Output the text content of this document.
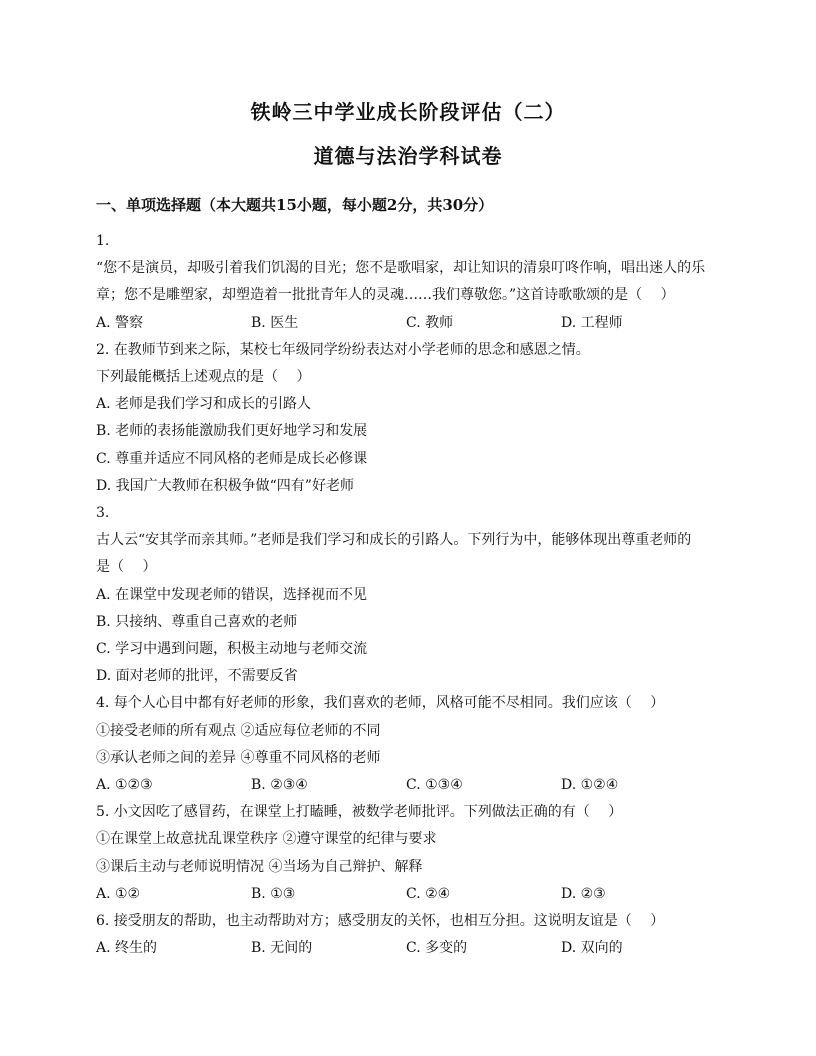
铁岭三中学业成长阶段评估（二）
道德与法治学科试卷
一、单项选择题（本大题共15小题，每小题2分，共30分）
1.
“您不是演员，却吸引着我们饥渴的目光；您不是歌唱家，却让知识的清泉叮咚作响，唱出迷人的乐
章；您不是雕塑家，却塑造着一批批青年人的灵魂……我们尊敬您。”这首诗歌歌颂的是（　 ）
A. 警察	B. 医生	C. 教师	D. 工程师
2. 在教师节到来之际，某校七年级同学纷纷表达对小学老师的思念和感恩之情。
下列最能概括上述观点的是（　 ）
A. 老师是我们学习和成长的引路人
B. 老师的表扬能激励我们更好地学习和发展
C. 尊重并适应不同风格的老师是成长必修课
D. 我国广大教师在积极争做“四有”好老师
3.
古人云“安其学而亲其师。”老师是我们学习和成长的引路人。下列行为中，能够体现出尊重老师的
是（　 ）
A. 在课堂中发现老师的错误，选择视而不见
B. 只接纳、尊重自己喜欢的老师
C. 学习中遇到问题，积极主动地与老师交流
D. 面对老师的批评，不需要反省
4. 每个人心目中都有好老师的形象，我们喜欢的老师，风格可能不尽相同。我们应该（　 ）
①接受老师的所有观点 ②适应每位老师的不同
③承认老师之间的差异 ④尊重不同风格的老师
A. ①②③	B. ②③④	C. ①③④	D. ①②④
5. 小文因吃了感冒药，在课堂上打瞌睡，被数学老师批评。下列做法正确的有（　 ）
①在课堂上故意扰乱课堂秩序 ②遵守课堂的纪律与要求
③课后主动与老师说明情况 ④当场为自己辩护、解释
A. ①②	B. ①③	C. ②④	D. ②③
6. 接受朋友的帮助，也主动帮助对方；感受朋友的关怀，也相互分担。这说明友谊是（　 ）
A. 终生的	B. 无间的	C. 多变的	D. 双向的
